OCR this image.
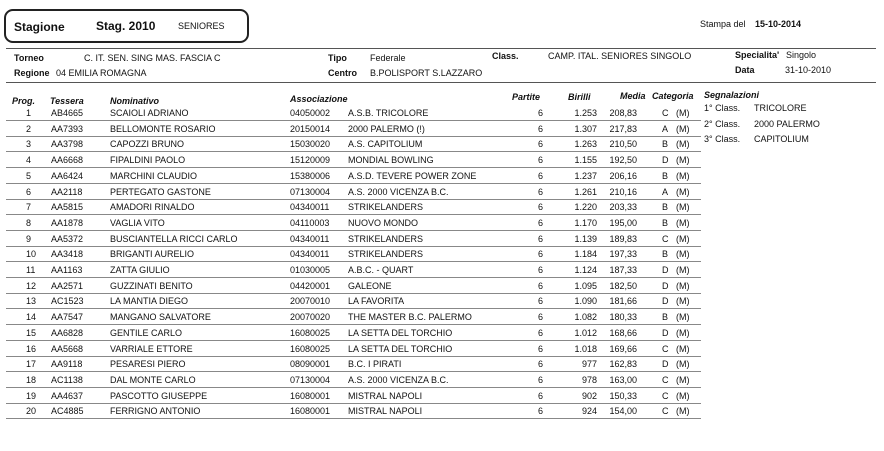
Stagione	Stag. 2010	SENIORES	Stampa del 15-10-2014
Torneo	C. IT. SEN. SING MAS. FASCIA C
Regione 04 EMILIA ROMAGNA
Tipo	Federale
Centro B.POLISPORT S.LAZZARO
Class.	CAMP. ITAL. SENIORES SINGOLO	Specialita' Singolo
Data	31-10-2010
Prog. Tessera	Nominativo	Associazione	Partite	Birilli	Media Categoria Segnalazioni
1 AB4665	SCAIOLI ADRIANO	04050002 A.S.B. TRICOLORE	6	1.253 208,83	C (M)
2 AA7393	BELLOMONTE ROSARIO	20150014 2000 PALERMO (!)	6	1.307 217,83	A (M)
3 AA3798	CAPOZZI BRUNO	15030020 A.S. CAPITOLIUM	6	1.263 210,50	B (M)
4 AA6668	FIPALDINI PAOLO	15120009 MONDIAL BOWLING	6	1.155 192,50	D (M)
5 AA6424	MARCHINI CLAUDIO	15380006 A.S.D. TEVERE POWER ZONE	6	1.237 206,16	B (M)
6 AA2118	PERTEGATO GASTONE	07130004 A.S. 2000 VICENZA B.C.	6	1.261 210,16	A (M)
7 AA5815	AMADORI RINALDO	04340011 STRIKELANDERS	6	1.220 203,33	B (M)
8 AA1878	VAGLIA VITO	04110003 NUOVO MONDO	6	1.170 195,00	B (M)
9 AA5372	BUSCIANTELLA RICCI CARLO	04340011 STRIKELANDERS	6	1.139 189,83	C (M)
10 AA3418	BRIGANTI AURELIO	04340011 STRIKELANDERS	6	1.184 197,33	B (M)
11 AA1163	ZATTA GIULIO	01030005 A.B.C. - QUART	6	1.124 187,33	D (M)
12 AA2571	GUZZINATI BENITO	04420001 GALEONE	6	1.095 182,50	D (M)
13 AC1523	LA MANTIA DIEGO	20070010 LA FAVORITA	6	1.090 181,66	D (M)
14 AA7547	MANGANO SALVATORE	20070020 THE MASTER B.C. PALERMO	6	1.082 180,33	B (M)
15 AA6828	GENTILE CARLO	16080025 LA SETTA DEL TORCHIO	6	1.012 168,66	D (M)
16 AA5668	VARRIALE ETTORE	16080025 LA SETTA DEL TORCHIO	6	1.018 169,66	C (M)
17 AA9118	PESARESI PIERO	08090001 B.C. I PIRATI	6	977 162,83	D (M)
18 AC1138	DAL MONTE CARLO	07130004 A.S. 2000 VICENZA B.C.	6	978 163,00	C (M)
19 AA4637	PASCOTTO GIUSEPPE	16080001 MISTRAL NAPOLI	6	902 150,33	C (M)
20 AC4885	FERRIGNO ANTONIO	16080001 MISTRAL NAPOLI	6	924 154,00	C (M)
1° Class. TRICOLORE
2° Class. 2000 PALERMO
3° Class. CAPITOLIUM
